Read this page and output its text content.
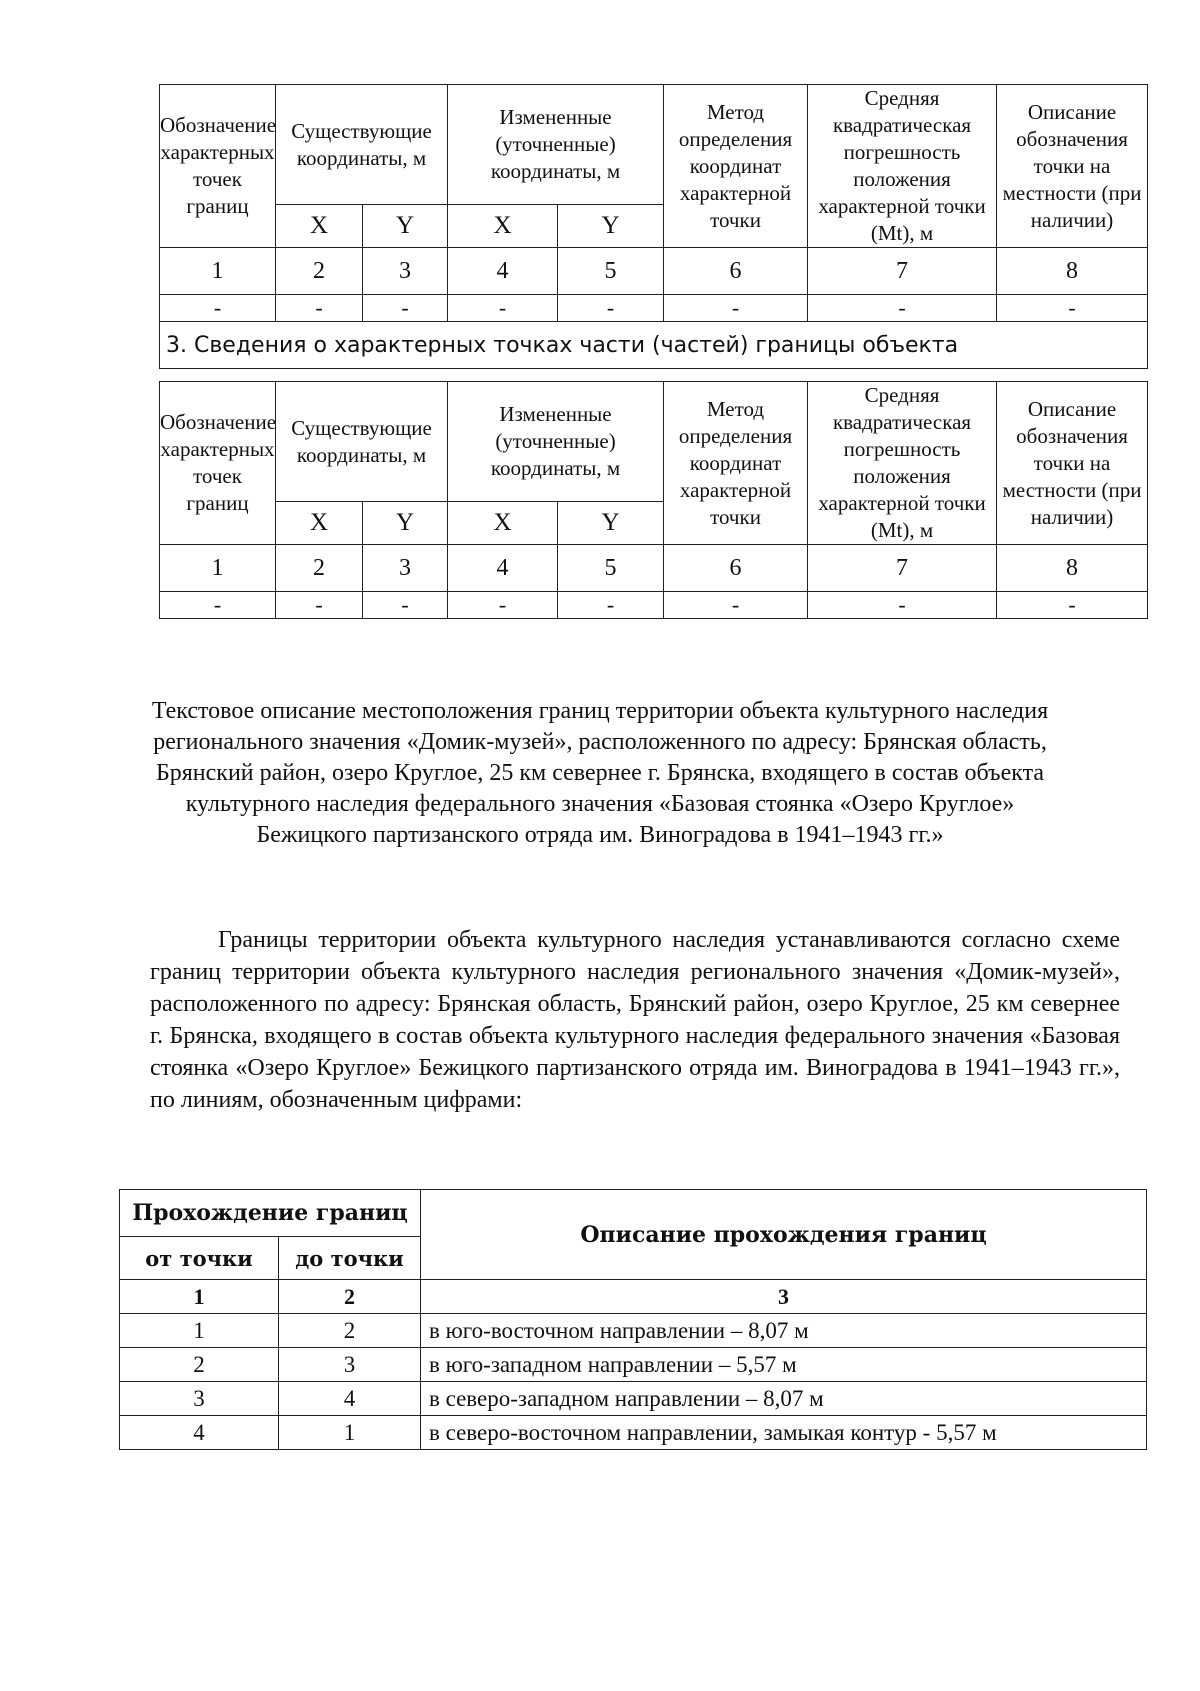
Обозначение характерных точек границ	Существующие координаты, м		Измененные (уточненные) координаты, м		Метод определения координат характерной точки	Средняя квадратическая погрешность положения характерной точки (Mt), м	Описание обозначения точки на местности (при наличии)
	X	Y	X	Y			
1	2	3	4	5	6	7	8
-	-	-	-	-	-	-	-
3. Сведения о характерных точках части (частей) границы объекта							
Обозначение характерных точек границ	Существующие координаты, м		Измененные (уточненные) координаты, м		Метод определения координат характерной точки	Средняя квадратическая погрешность положения характерной точки (Mt), м	Описание обозначения точки на местности (при наличии)
	X	Y	X	Y			
1	2	3	4	5	6	7	8
-	-	-	-	-	-	-	-
Текстовое описание местоположения границ территории объекта культурного наследия регионального значения «Домик-музей», расположенного по адресу: Брянская область, Брянский район, озеро Круглое, 25 км севернее г. Брянска, входящего в состав объекта культурного наследия федерального значения «Базовая стоянка «Озеро Круглое» Бежицкого партизанского отряда им. Виноградова в 1941–1943 гг.»

Границы территории объекта культурного наследия устанавливаются согласно схеме границ территории объекта культурного наследия регионального значения «Домик-музей», расположенного по адресу: Брянская область, Брянский район, озеро Круглое, 25 км севернее г. Брянска, входящего в состав объекта культурного наследия федерального значения «Базовая стоянка «Озеро Круглое» Бежицкого партизанского отряда им. Виноградова в 1941–1943 гг.», по линиям, обозначенным цифрами:

Прохождение границ		Описание прохождения границ
от точки	до точки	
1	2	3
1	2	в юго-восточном направлении – 8,07 м
2	3	в юго-западном направлении – 5,57 м
3	4	в северо-западном направлении – 8,07 м
4	1	в северо-восточном направлении, замыкая контур - 5,57 м
